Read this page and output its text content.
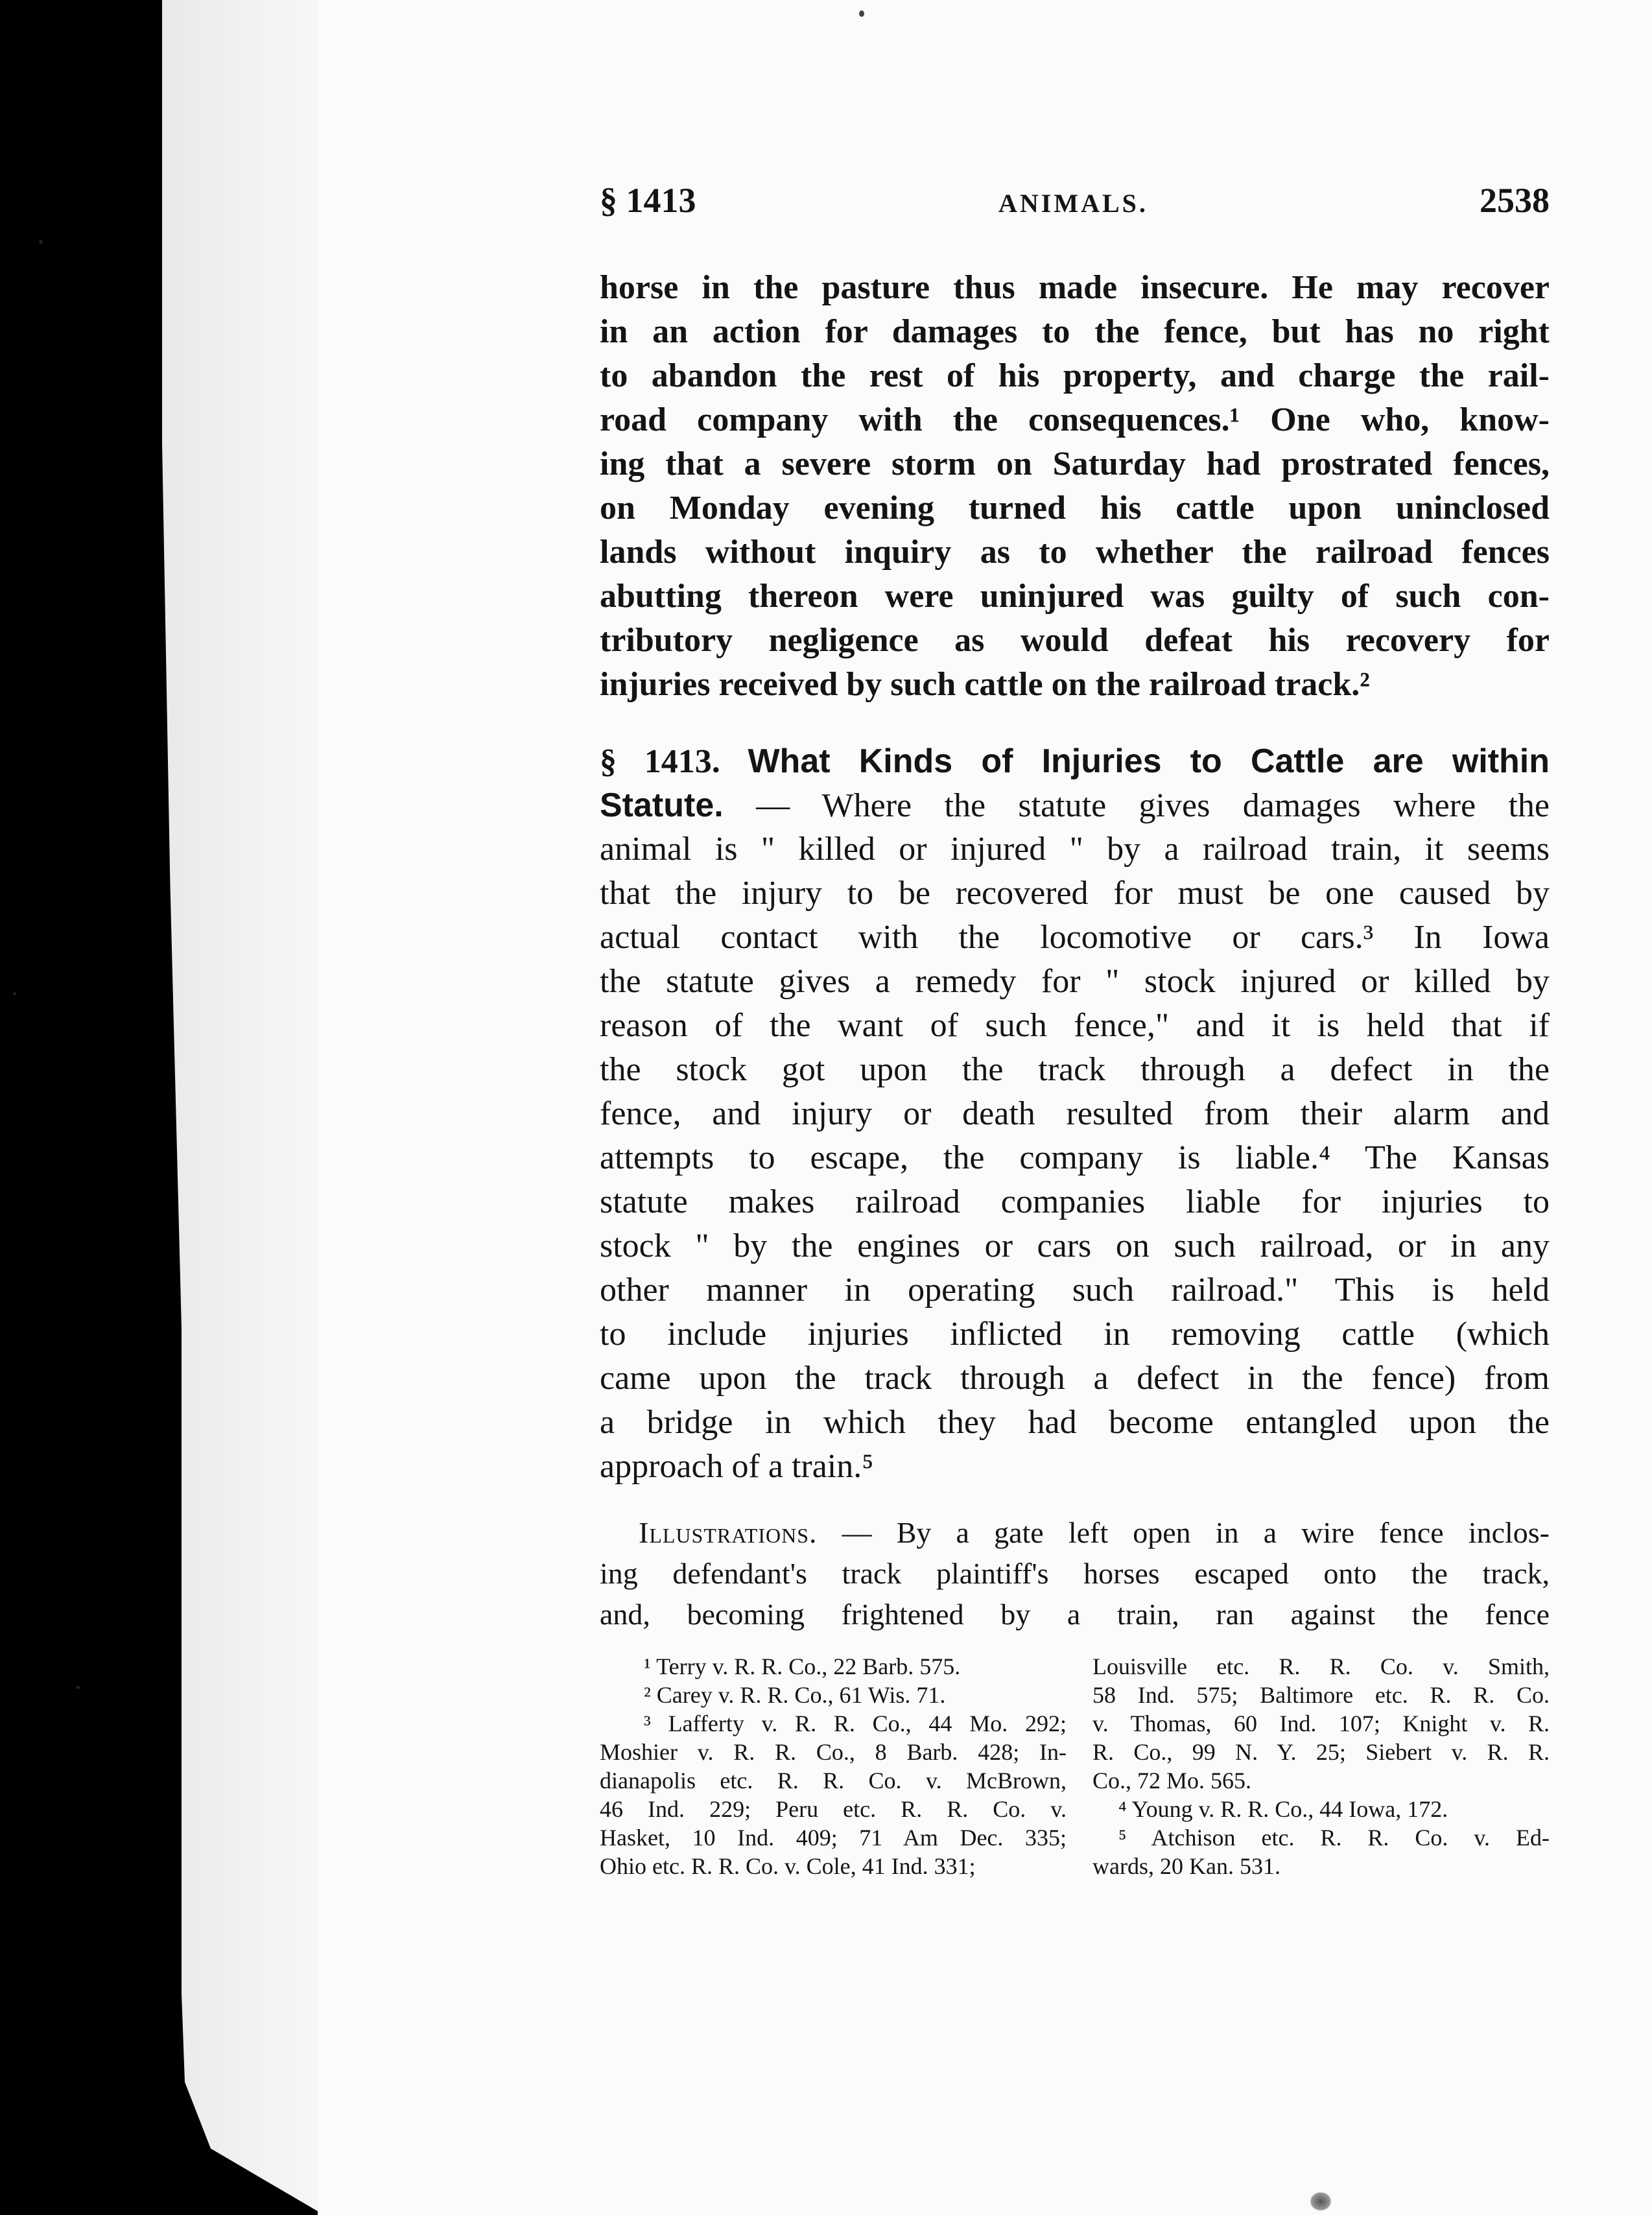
§ 1413	ANIMALS.	2538
horse in the pasture thus made insecure. He may recover
in an action for damages to the fence, but has no right
to abandon the rest of his property, and charge the rail-
road company with the consequences.¹ One who, know-
ing that a severe storm on Saturday had prostrated fences,
on Monday evening turned his cattle upon uninclosed
lands without inquiry as to whether the railroad fences
abutting thereon were uninjured was guilty of such con-
tributory negligence as would defeat his recovery for
injuries received by such cattle on the railroad track.²
§ 1413. What Kinds of Injuries to Cattle are within
Statute. — Where the statute gives damages where the
animal is " killed or injured " by a railroad train, it seems
that the injury to be recovered for must be one caused by
actual contact with the locomotive or cars.³ In Iowa
the statute gives a remedy for " stock injured or killed by
reason of the want of such fence," and it is held that if
the stock got upon the track through a defect in the
fence, and injury or death resulted from their alarm and
attempts to escape, the company is liable.⁴ The Kansas
statute makes railroad companies liable for injuries to
stock " by the engines or cars on such railroad, or in any
other manner in operating such railroad." This is held
to include injuries inflicted in removing cattle (which
came upon the track through a defect in the fence) from
a bridge in which they had become entangled upon the
approach of a train.⁵
Illustrations. — By a gate left open in a wire fence inclos-
ing defendant's track plaintiff's horses escaped onto the track,
and, becoming frightened by a train, ran against the fence
¹ Terry v. R. R. Co., 22 Barb. 575.
² Carey v. R. R. Co., 61 Wis. 71.
³ Lafferty v. R. R. Co., 44 Mo. 292;
Moshier v. R. R. Co., 8 Barb. 428; In-
dianapolis etc. R. R. Co. v. McBrown,
46 Ind. 229; Peru etc. R. R. Co. v.
Hasket, 10 Ind. 409; 71 Am Dec. 335;
Ohio etc. R. R. Co. v. Cole, 41 Ind. 331;
Louisville etc. R. R. Co. v. Smith,
58 Ind. 575; Baltimore etc. R. R. Co.
v. Thomas, 60 Ind. 107; Knight v. R.
R. Co., 99 N. Y. 25; Siebert v. R. R.
Co., 72 Mo. 565.
⁴ Young v. R. R. Co., 44 Iowa, 172.
⁵ Atchison etc. R. R. Co. v. Ed-
wards, 20 Kan. 531.
